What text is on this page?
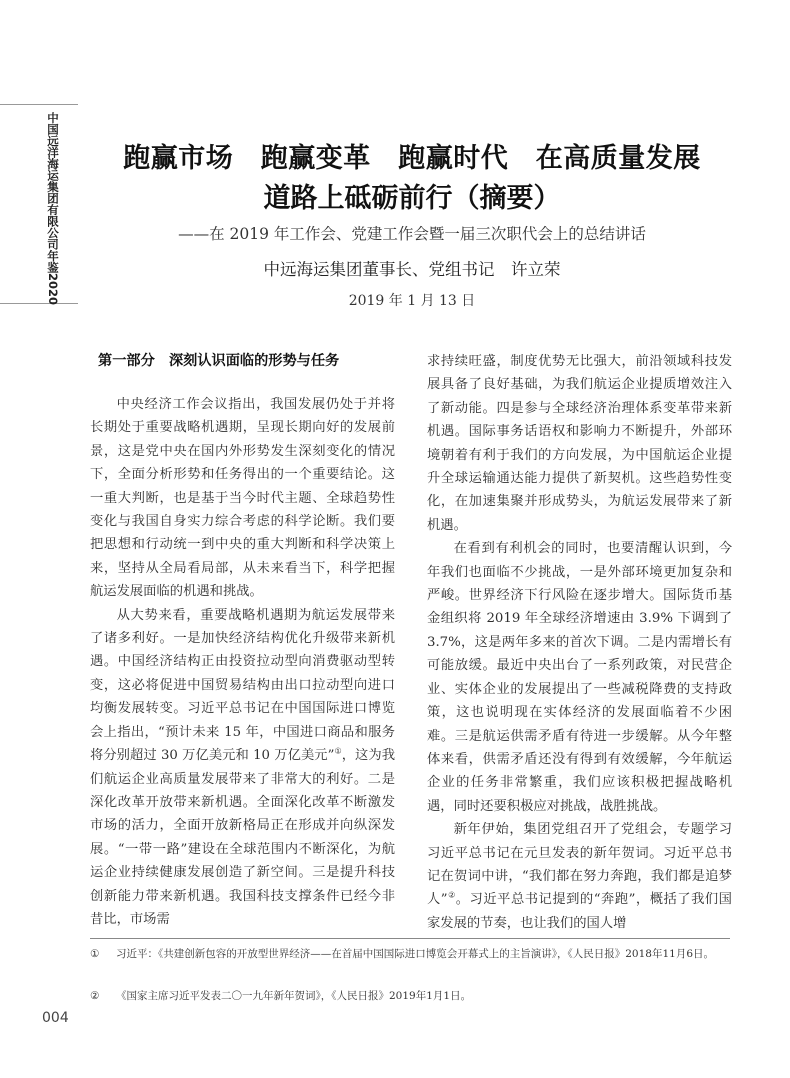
中国远洋海运集团有限公司年鉴2020	跑赢市场　跑赢变革　跑赢时代　在高质量发展
道路上砥砺前行（摘要）
——在 2019 年工作会、党建工作会暨一届三次职代会上的总结讲话
中远海运集团董事长、党组书记　许立荣
2019 年 1 月 13 日
第一部分　深刻认识面临的形势与任务

中央经济工作会议指出，我国发展仍处于并将长期处于重要战略机遇期，呈现长期向好的发展前景，这是党中央在国内外形势发生深刻变化的情况下，全面分析形势和任务得出的一个重要结论。这一重大判断，也是基于当今时代主题、全球趋势性变化与我国自身实力综合考虑的科学论断。我们要把思想和行动统一到中央的重大判断和科学决策上来，坚持从全局看局部，从未来看当下，科学把握航运发展面临的机遇和挑战。

从大势来看，重要战略机遇期为航运发展带来了诸多利好。一是加快经济结构优化升级带来新机遇。中国经济结构正由投资拉动型向消费驱动型转变，这必将促进中国贸易结构由出口拉动型向进口均衡发展转变。习近平总书记在中国国际进口博览会上指出，“预计未来 15 年，中国进口商品和服务将分别超过 30 万亿美元和 10 万亿美元”①，这为我们航运企业高质量发展带来了非常大的利好。二是深化改革开放带来新机遇。全面深化改革不断激发市场的活力，全面开放新格局正在形成并向纵深发展。“一带一路”建设在全球范围内不断深化，为航运企业持续健康发展创造了新空间。三是提升科技创新能力带来新机遇。我国科技支撑条件已经今非昔比，市场需

求持续旺盛，制度优势无比强大，前沿领域科技发展具备了良好基础，为我们航运企业提质增效注入了新动能。四是参与全球经济治理体系变革带来新机遇。国际事务话语权和影响力不断提升，外部环境朝着有利于我们的方向发展，为中国航运企业提升全球运输通达能力提供了新契机。这些趋势性变化，在加速集聚并形成势头，为航运发展带来了新机遇。

在看到有利机会的同时，也要清醒认识到，今年我们也面临不少挑战，一是外部环境更加复杂和严峻。世界经济下行风险在逐步增大。国际货币基金组织将 2019 年全球经济增速由 3.9% 下调到了 3.7%，这是两年多来的首次下调。二是内需增长有可能放缓。最近中央出台了一系列政策，对民营企业、实体企业的发展提出了一些减税降费的支持政策，这也说明现在实体经济的发展面临着不少困难。三是航运供需矛盾有待进一步缓解。从今年整体来看，供需矛盾还没有得到有效缓解，今年航运企业的任务非常繁重，我们应该积极把握战略机遇，同时还要积极应对挑战，战胜挑战。

新年伊始，集团党组召开了党组会，专题学习习近平总书记在元旦发表的新年贺词。习近平总书记在贺词中讲，“我们都在努力奔跑，我们都是追梦人”②。习近平总书记提到的“奔跑”，概括了我们国家发展的节奏，也让我们的国人增

① 习近平：《共建创新包容的开放型世界经济——在首届中国国际进口博览会开幕式上的主旨演讲》，《人民日报》2018年11月6日。
② 《国家主席习近平发表二〇一九年新年贺词》，《人民日报》2019年1月1日。
004
